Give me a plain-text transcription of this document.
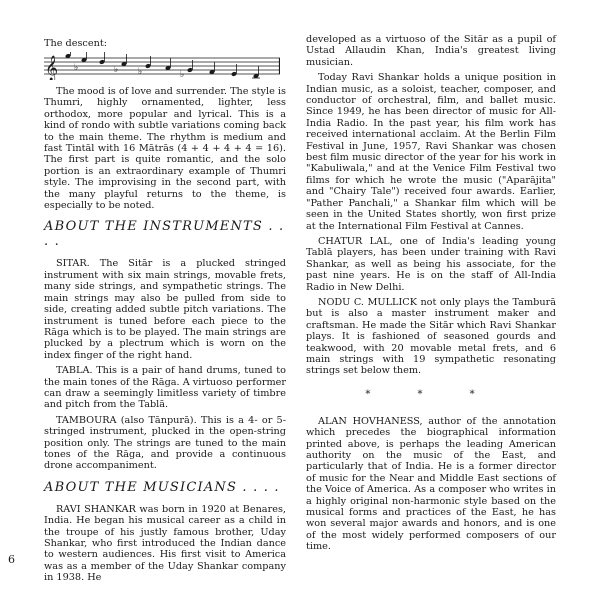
The descent:

𝄞 ♭	♭ ♭	♭

The mood is of love and surrender. The style is Thumri, highly ornamented, lighter, less orthodox, more popular and lyrical. This is a kind of rondo with subtle variations coming back to the main theme. The rhythm is medium and fast Tintāl with 16 Mātrās (4 + 4 + 4 + 4 = 16). The first part is quite romantic, and the solo portion is an extraordinary example of Thumri style. The improvising in the second part, with the many playful returns to the theme, is especially to be noted.

ABOUT THE INSTRUMENTS . . . .

SITAR. The Sitār is a plucked stringed instrument with six main strings, movable frets, many side strings, and sympathetic strings. The main strings may also be pulled from side to side, creating added subtle pitch variations. The instrument is tuned before each piece to the Rāga which is to be played. The main strings are plucked by a plectrum which is worn on the index finger of the right hand.

TABLA. This is a pair of hand drums, tuned to the main tones of the Rāga. A virtuoso performer can draw a seemingly limitless variety of timbre and pitch from the Tablā.

TAMBOURA (also Tānpurā). This is a 4- or 5-stringed instrument, plucked in the open-string position only. The strings are tuned to the main tones of the Rāga, and provide a continuous drone accompaniment.

ABOUT THE MUSICIANS . . . .

RAVI SHANKAR was born in 1920 at Benares, India. He began his musical career as a child in the troupe of his justly famous brother, Uday Shankar, who first introduced the Indian dance to western audiences. His first visit to America was as a member of the Uday Shankar company in 1938. He

developed as a virtuoso of the Sitār as a pupil of Ustad Allaudin Khan, India's greatest living musician.

Today Ravi Shankar holds a unique position in Indian music, as a soloist, teacher, composer, and conductor of orchestral, film, and ballet music. Since 1949, he has been director of music for All-India Radio. In the past year, his film work has received international acclaim. At the Berlin Film Festival in June, 1957, Ravi Shankar was chosen best film music director of the year for his work in "Kabuliwala," and at the Venice Film Festival two films for which he wrote the music ("Aparājita" and "Chairy Tale") received four awards. Earlier, "Pather Panchali," a Shankar film which will be seen in the United States shortly, won first prize at the International Film Festival at Cannes.

CHATUR LAL, one of India's leading young Tablā players, has been under training with Ravi Shankar, as well as being his associate, for the past nine years. He is on the staff of All-India Radio in New Delhi.

NODU C. MULLICK not only plays the Tamburā but is also a master instrument maker and craftsman. He made the Sitār which Ravi Shankar plays. It is fashioned of seasoned gourds and teakwood, with 20 movable metal frets, and 6 main strings with 19 sympathetic resonating strings set below them.

* * *

ALAN HOVHANESS, author of the annotation which precedes the biographical information printed above, is perhaps the leading American authority on the music of the East, and particularly that of India. He is a former director of music for the Near and Middle East sections of the Voice of America. As a composer who writes in a highly original non-harmonic style based on the musical forms and practices of the East, he has won several major awards and honors, and is one of the most widely performed composers of our time.

6
